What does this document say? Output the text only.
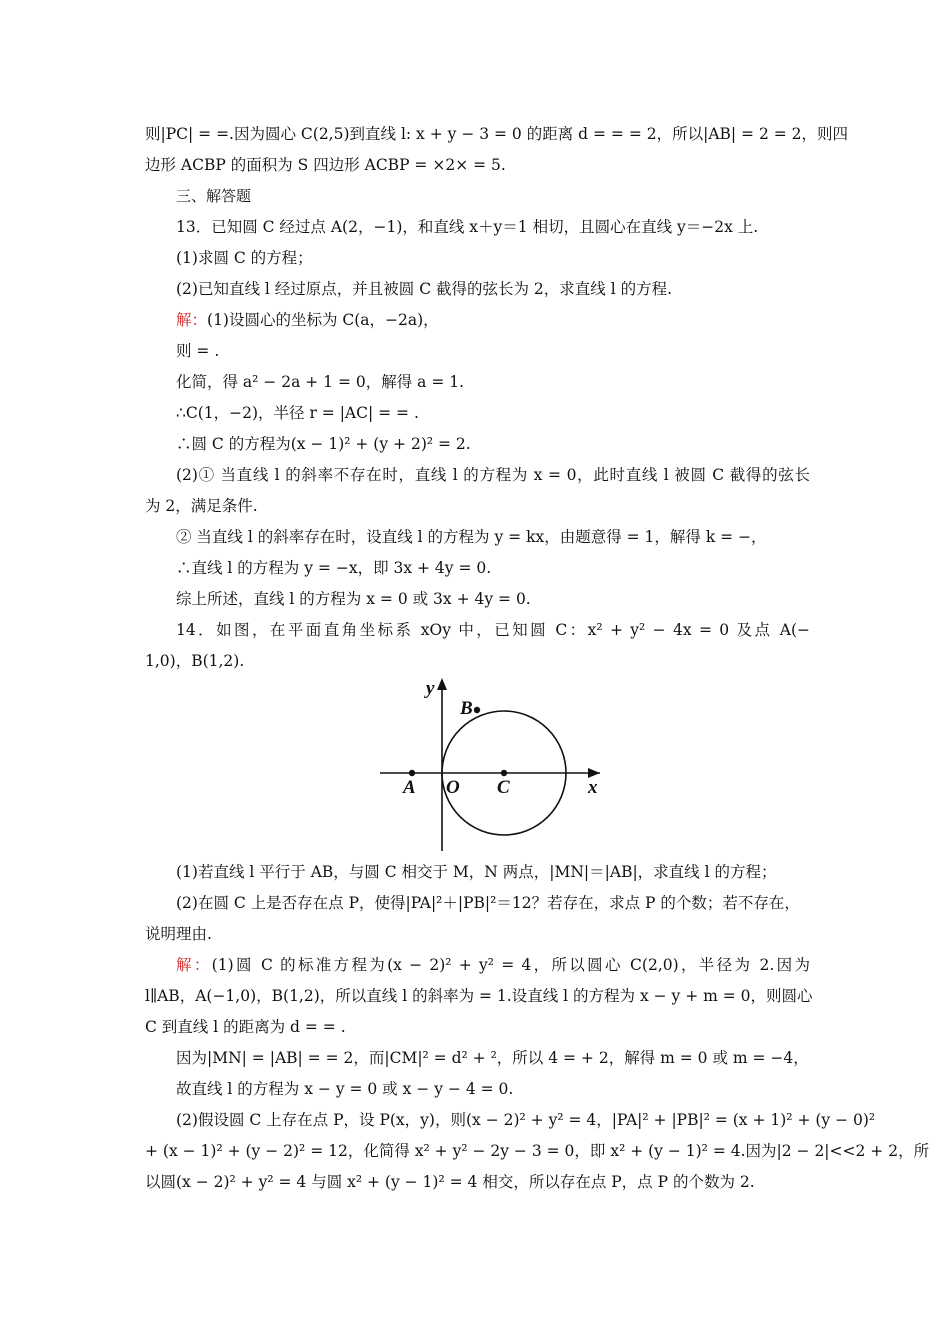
则|PC| = =.因为圆心 C(2,5)到直线 l: x + y − 3 = 0 的距离 d = = = 2，所以|AB| = 2 = 2，则四
边形 ACBP 的面积为 S 四边形 ACBP = ×2× = 5.
三、解答题
13．已知圆 C 经过点 A(2，−1)，和直线 x＋y＝1 相切，且圆心在直线 y＝−2x 上.
(1)求圆 C 的方程；
(2)已知直线 l 经过原点，并且被圆 C 截得的弦长为 2，求直线 l 的方程.
解：(1)设圆心的坐标为 C(a，−2a)，
则 = .
化简，得 a² − 2a + 1 = 0，解得 a = 1.
∴C(1，−2)，半径 r = |AC| = = .
∴圆 C 的方程为(x − 1)² + (y + 2)² = 2.
(2)① 当直线 l 的斜率不存在时，直线 l 的方程为 x = 0，此时直线 l 被圆 C 截得的弦长
为 2，满足条件.
② 当直线 l 的斜率存在时，设直线 l 的方程为 y = kx，由题意得 = 1，解得 k = −，
∴直线 l 的方程为 y = −x，即 3x + 4y = 0.
综上所述，直线 l 的方程为 x = 0 或 3x + 4y = 0.
14．如图，在平面直角坐标系 xOy 中，已知圆 C：x² + y² − 4x = 0 及点 A(−
1,0)，B(1,2).
y
x
A O C
B
(1)若直线 l 平行于 AB，与圆 C 相交于 M，N 两点，|MN|＝|AB|，求直线 l 的方程；
(2)在圆 C 上是否存在点 P，使得|PA|²＋|PB|²＝12？若存在，求点 P 的个数；若不存在，
说明理由.
解：(1)圆 C 的标准方程为(x − 2)² + y² = 4，所以圆心 C(2,0)，半径为 2.因为
l∥AB，A(−1,0)，B(1,2)，所以直线 l 的斜率为 = 1.设直线 l 的方程为 x − y + m = 0，则圆心
C 到直线 l 的距离为 d = = .
因为|MN| = |AB| = = 2，而|CM|² = d² + ²，所以 4 = + 2，解得 m = 0 或 m = −4，
故直线 l 的方程为 x − y = 0 或 x − y − 4 = 0.
(2)假设圆 C 上存在点 P，设 P(x，y)，则(x − 2)² + y² = 4，|PA|² + |PB|² = (x + 1)² + (y − 0)²
+ (x − 1)² + (y − 2)² = 12，化简得 x² + y² − 2y − 3 = 0，即 x² + (y − 1)² = 4.因为|2 − 2|<<2 + 2，所
以圆(x − 2)² + y² = 4 与圆 x² + (y − 1)² = 4 相交，所以存在点 P，点 P 的个数为 2.
